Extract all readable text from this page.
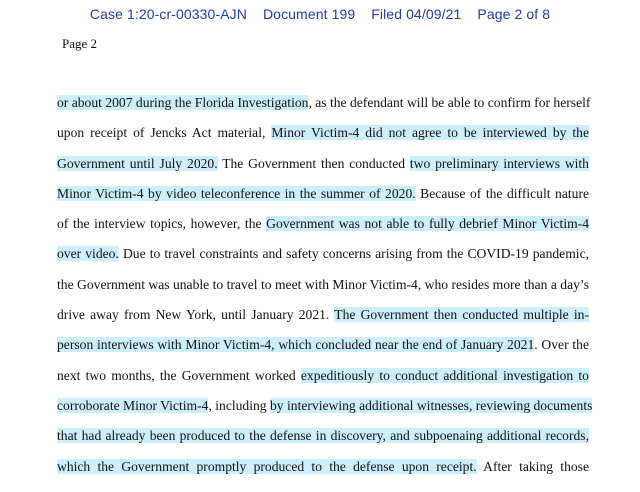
Case 1:20-cr-00330-AJN Document 199 Filed 04/09/21 Page 2 of 8
Page 2
or about 2007 during the Florida Investigation, as the defendant will be able to confirm for herself
upon receipt of Jencks Act material, Minor Victim-4 did not agree to be interviewed by the
Government until July 2020. The Government then conducted two preliminary interviews with
Minor Victim-4 by video teleconference in the summer of 2020. Because of the difficult nature
of the interview topics, however, the Government was not able to fully debrief Minor Victim-4
over video. Due to travel constraints and safety concerns arising from the COVID-19 pandemic,
the Government was unable to travel to meet with Minor Victim-4, who resides more than a day’s
drive away from New York, until January 2021. The Government then conducted multiple in-
person interviews with Minor Victim-4, which concluded near the end of January 2021. Over the
next two months, the Government worked expeditiously to conduct additional investigation to
corroborate Minor Victim-4, including by interviewing additional witnesses, reviewing documents
that had already been produced to the defense in discovery, and subpoenaing additional records,
which the Government promptly produced to the defense upon receipt. After taking those
